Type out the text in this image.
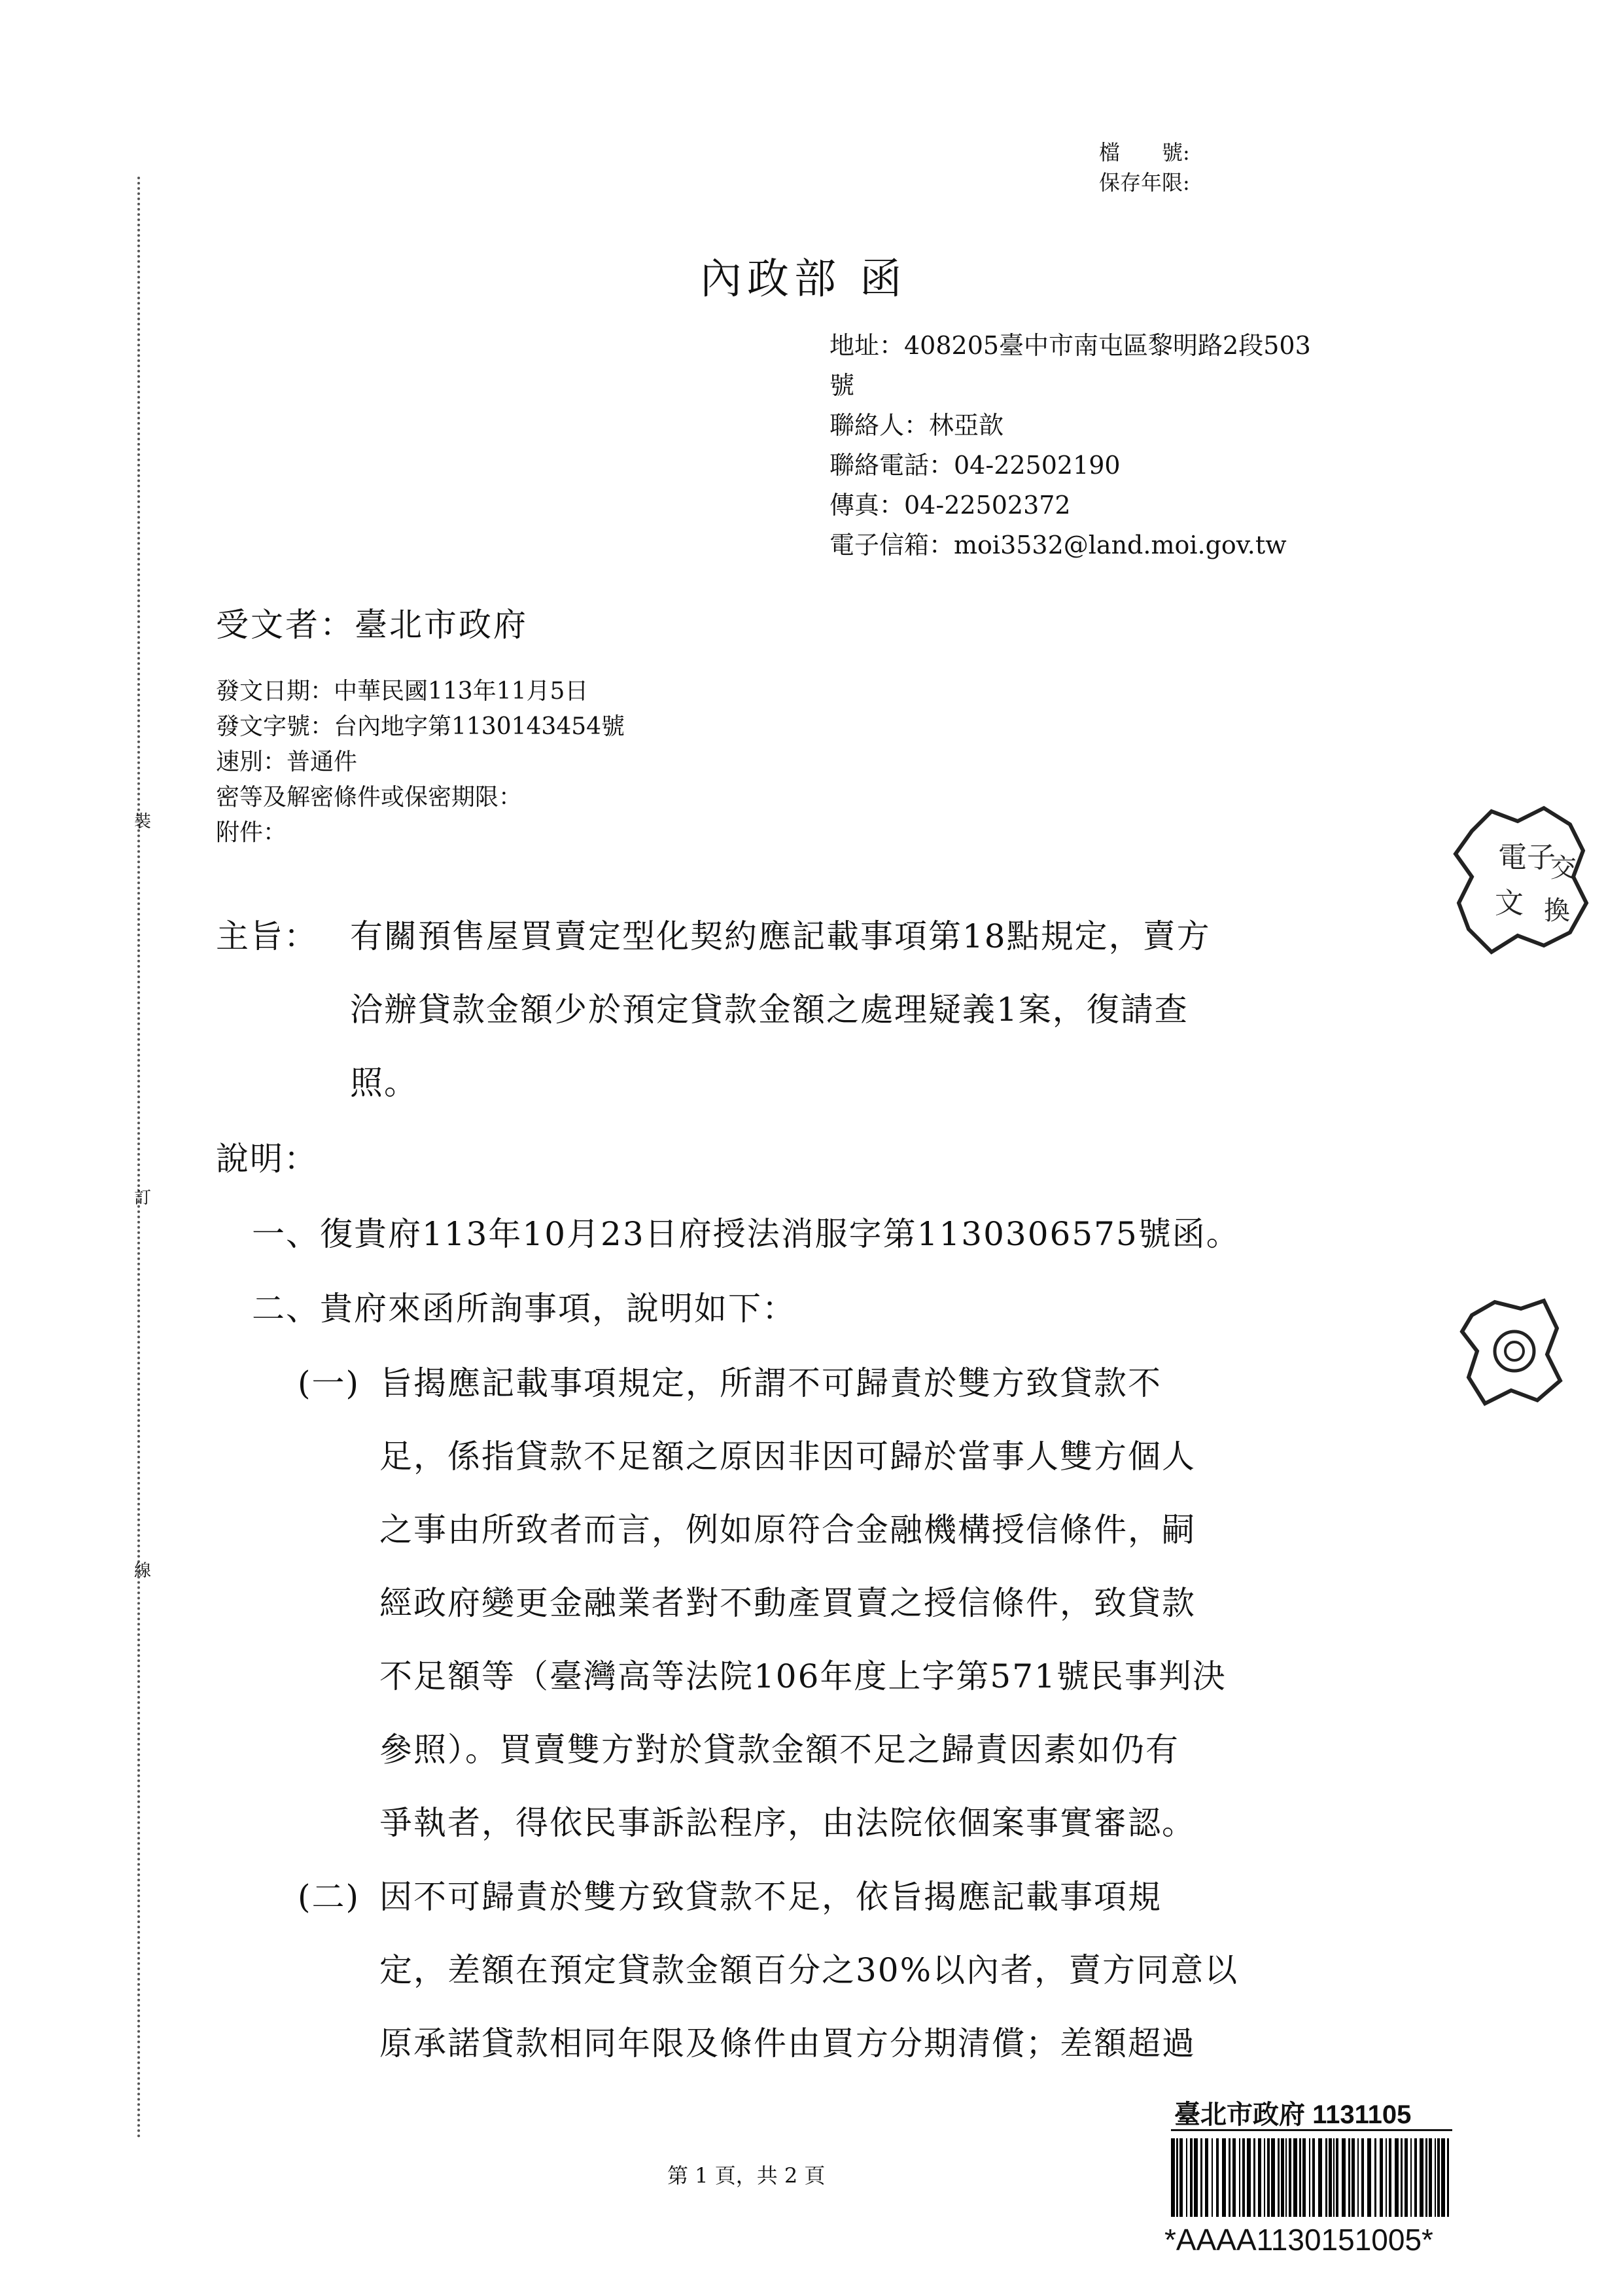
檔　　號:
保存年限:
內政部 函
地址：408205臺中市南屯區黎明路2段503
號
聯絡人：林亞歆
聯絡電話：04-22502190
傳真：04-22502372
電子信箱：moi3532@land.moi.gov.tw
受文者：臺北市政府
發文日期：中華民國113年11月5日
發文字號：台內地字第1130143454號
速別：普通件
密等及解密條件或保密期限：
附件：
主旨： 有關預售屋買賣定型化契約應記載事項第18點規定，賣方
洽辦貸款金額少於預定貸款金額之處理疑義1案，復請查
照。
說明：
一、復貴府113年10月23日府授法消服字第1130306575號函。
二、貴府來函所詢事項，說明如下：
(一) 旨揭應記載事項規定，所謂不可歸責於雙方致貸款不
足，係指貸款不足額之原因非因可歸於當事人雙方個人
之事由所致者而言，例如原符合金融機構授信條件，嗣
經政府變更金融業者對不動產買賣之授信條件，致貸款
不足額等（臺灣高等法院106年度上字第571號民事判決
參照）。買賣雙方對於貸款金額不足之歸責因素如仍有
爭執者，得依民事訴訟程序，由法院依個案事實審認。
(二) 因不可歸責於雙方致貸款不足，依旨揭應記載事項規
定，差額在預定貸款金額百分之30%以內者，賣方同意以
原承諾貸款相同年限及條件由買方分期清償；差額超過
裝
訂
線
第 1 頁，共 2 頁
臺北市政府 1131105
*AAAA1130151005*
電子
交
文 換
